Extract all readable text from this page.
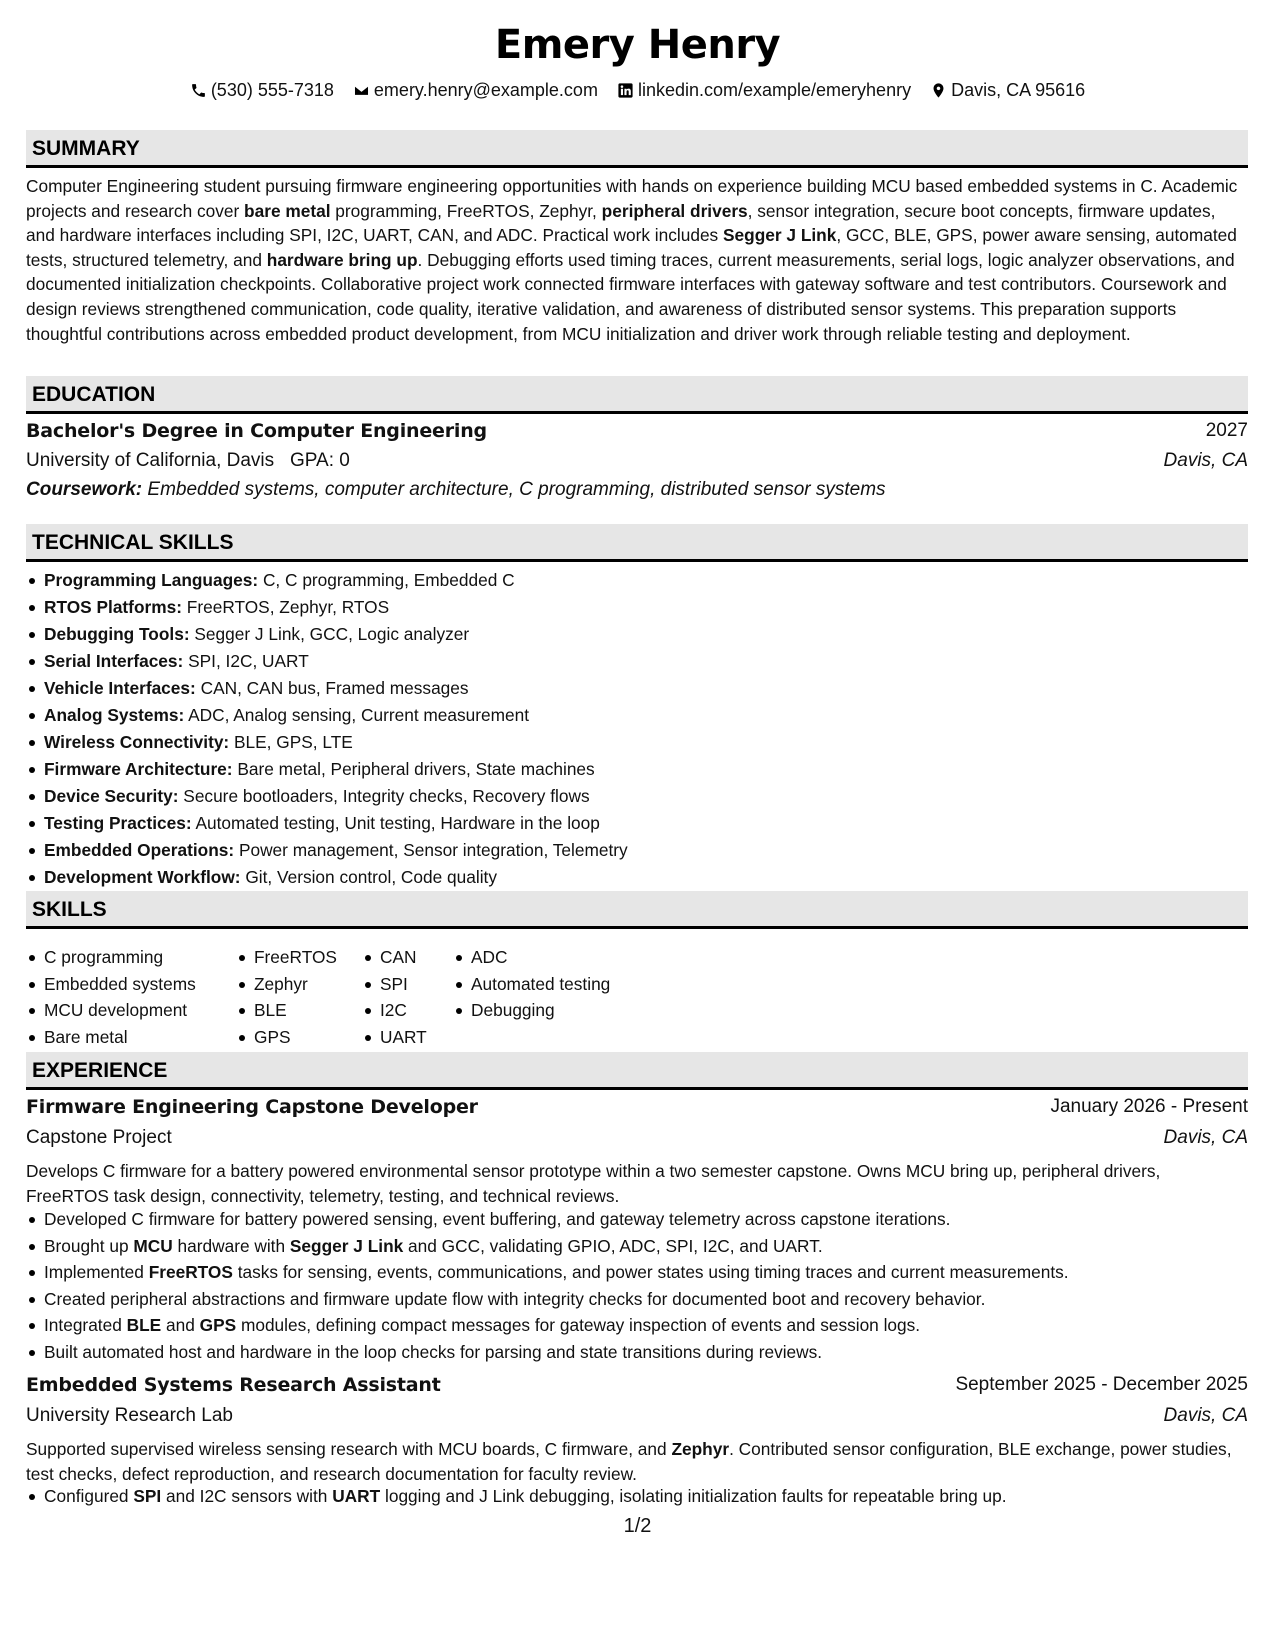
Emery Henry
(530) 555-7318
emery.henry@example.com
linkedin.com/example/emeryhenry
Davis, CA 95616
SUMMARY
Computer Engineering student pursuing firmware engineering opportunities with hands on experience building MCU based embedded systems in C. Academic projects and research cover bare metal programming, FreeRTOS, Zephyr, peripheral drivers, sensor integration, secure boot concepts, firmware updates, and hardware interfaces including SPI, I2C, UART, CAN, and ADC. Practical work includes Segger J Link, GCC, BLE, GPS, power aware sensing, automated tests, structured telemetry, and hardware bring up. Debugging efforts used timing traces, current measurements, serial logs, logic analyzer observations, and documented initialization checkpoints. Collaborative project work connected firmware interfaces with gateway software and test contributors. Coursework and design reviews strengthened communication, code quality, iterative validation, and awareness of distributed sensor systems. This preparation supports thoughtful contributions across embedded product development, from MCU initialization and driver work through reliable testing and deployment.
EDUCATION
Bachelor's Degree in Computer Engineering	2027
University of California, Davis GPA: 0	Davis, CA
Coursework: Embedded systems, computer architecture, C programming, distributed sensor systems
TECHNICAL SKILLS
Programming Languages: C, C programming, Embedded C
RTOS Platforms: FreeRTOS, Zephyr, RTOS
Debugging Tools: Segger J Link, GCC, Logic analyzer
Serial Interfaces: SPI, I2C, UART
Vehicle Interfaces: CAN, CAN bus, Framed messages
Analog Systems: ADC, Analog sensing, Current measurement
Wireless Connectivity: BLE, GPS, LTE
Firmware Architecture: Bare metal, Peripheral drivers, State machines
Device Security: Secure bootloaders, Integrity checks, Recovery flows
Testing Practices: Automated testing, Unit testing, Hardware in the loop
Embedded Operations: Power management, Sensor integration, Telemetry
Development Workflow: Git, Version control, Code quality
SKILLS
C programming
Embedded systems
MCU development
Bare metal
FreeRTOS
Zephyr
BLE
GPS
CAN
SPI
I2C
UART
ADC
Automated testing
Debugging
EXPERIENCE
Firmware Engineering Capstone Developer	January 2026 - Present
Capstone Project	Davis, CA
Develops C firmware for a battery powered environmental sensor prototype within a two semester capstone. Owns MCU bring up, peripheral drivers, FreeRTOS task design, connectivity, telemetry, testing, and technical reviews.
Developed C firmware for battery powered sensing, event buffering, and gateway telemetry across capstone iterations.
Brought up MCU hardware with Segger J Link and GCC, validating GPIO, ADC, SPI, I2C, and UART.
Implemented FreeRTOS tasks for sensing, events, communications, and power states using timing traces and current measurements.
Created peripheral abstractions and firmware update flow with integrity checks for documented boot and recovery behavior.
Integrated BLE and GPS modules, defining compact messages for gateway inspection of events and session logs.
Built automated host and hardware in the loop checks for parsing and state transitions during reviews.
Embedded Systems Research Assistant	September 2025 - December 2025
University Research Lab	Davis, CA
Supported supervised wireless sensing research with MCU boards, C firmware, and Zephyr. Contributed sensor configuration, BLE exchange, power studies, test checks, defect reproduction, and research documentation for faculty review.
Configured SPI and I2C sensors with UART logging and J Link debugging, isolating initialization faults for repeatable bring up.
1/2
